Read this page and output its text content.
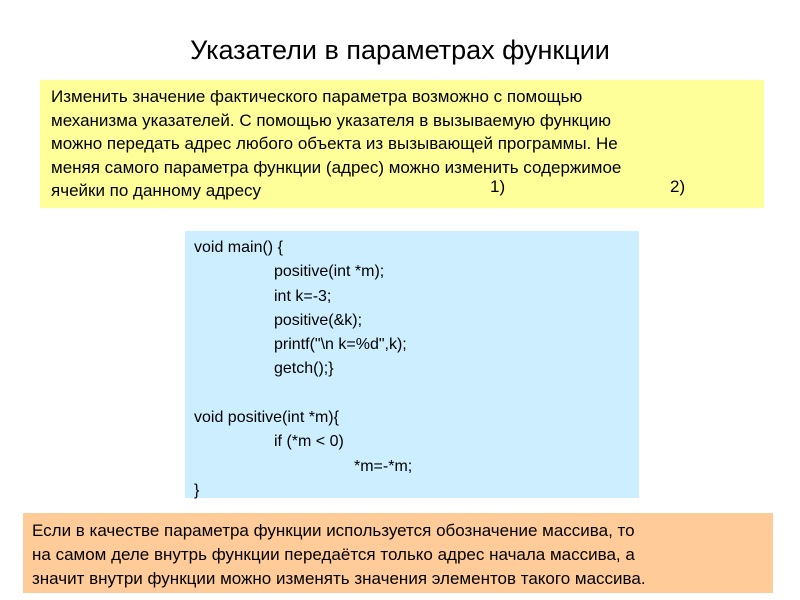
Указатели в параметрах функции

Изменить значение фактического параметра возможно с помощью
механизма указателей. С помощью указателя в вызываемую функцию
можно передать адрес любого объекта из вызывающей программы. Не
меняя самого параметра функции (адрес) можно изменить содержимое
ячейки по данному адресу	1)	2)
void main() {
positive(int *m);
int k=-3;
positive(&k);
printf("\n k=%d",k);
getch();}
void positive(int *m){
if (*m < 0)
*m=-*m;
}

Если в качестве параметра функции используется обозначение массива, то
на самом деле внутрь функции передаётся только адрес начала массива, а
значит внутри функции можно изменять значения элементов такого массива.
